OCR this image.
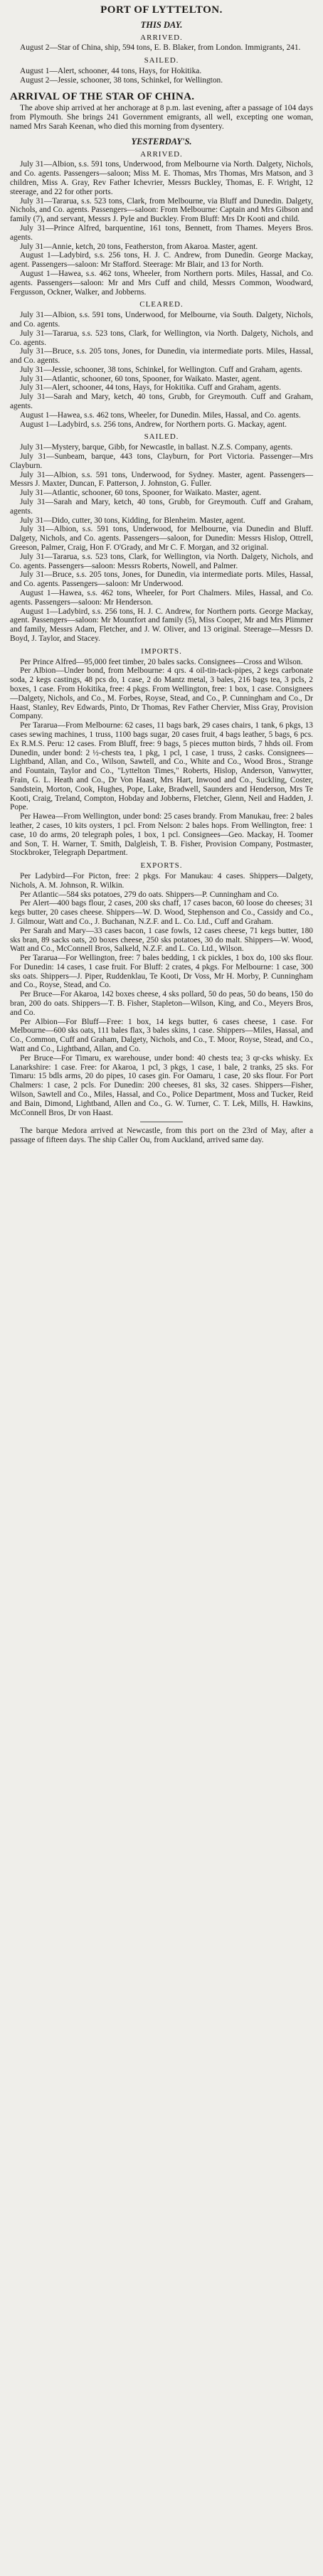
PORT OF LYTTELTON.
THIS DAY.
ARRIVED.

August 2—Star of China, ship, 594 tons, E. B. Blaker, from London. Immigrants, 241.

SAILED.

August 1—Alert, schooner, 44 tons, Hays, for Hokitika.

August 2—Jessie, schooner, 38 tons, Schinkel, for Wellington.

ARRIVAL OF THE STAR OF CHINA.

The above ship arrived at her anchorage at 8 p.m. last evening, after a passage of 104 days from Plymouth. She brings 241 Government emigrants, all well, excepting one woman, named Mrs Sarah Keenan, who died this morning from dysentery.

YESTERDAY'S.
ARRIVED.

July 31—Albion, s.s. 591 tons, Underwood, from Melbourne via North. Dalgety, Nichols, and Co. agents. Passengers—saloon; Miss M. E. Thomas, Mrs Thomas, Mrs Matson, and 3 children, Miss A. Gray, Rev Father Ichevrier, Messrs Buckley, Thomas, E. F. Wright, 12 steerage, and 22 for other ports.

July 31—Tararua, s.s. 523 tons, Clark, from Melbourne, via Bluff and Dunedin. Dalgety, Nichols, and Co. agents. Passengers—saloon: From Melbourne: Captain and Mrs Gibson and family (7), and servant, Messrs J. Pyle and Buckley. From Bluff: Mrs Dr Kooti and child.

July 31—Prince Alfred, barquentine, 161 tons, Bennett, from Thames. Meyers Bros. agents.

July 31—Annie, ketch, 20 tons, Featherston, from Akaroa. Master, agent.

August 1—Ladybird, s.s. 256 tons, H. J. C. Andrew, from Dunedin. George Mackay, agent. Passengers—saloon: Mr Stafford. Steerage: Mr Blair, and 13 for North.

August 1—Hawea, s.s. 462 tons, Wheeler, from Northern ports. Miles, Hassal, and Co. agents. Passengers—saloon: Mr and Mrs Cuff and child, Messrs Common, Woodward, Fergusson, Ockner, Walker, and Jobberns.

CLEARED.

July 31—Albion, s.s. 591 tons, Underwood, for Melbourne, via South. Dalgety, Nichols, and Co. agents.

July 31—Tararua, s.s. 523 tons, Clark, for Wellington, via North. Dalgety, Nichols, and Co. agents.

July 31—Bruce, s.s. 205 tons, Jones, for Dunedin, via intermediate ports. Miles, Hassal, and Co. agents.

July 31—Jessie, schooner, 38 tons, Schinkel, for Wellington. Cuff and Graham, agents.

July 31—Atlantic, schooner, 60 tons, Spooner, for Waikato. Master, agent.

July 31—Alert, schooner, 44 tons, Hays, for Hokitika. Cuff and Graham, agents.

July 31—Sarah and Mary, ketch, 40 tons, Grubb, for Greymouth. Cuff and Graham, agents.

August 1—Hawea, s.s. 462 tons, Wheeler, for Dunedin. Miles, Hassal, and Co. agents.

August 1—Ladybird, s.s. 256 tons, Andrew, for Northern ports. G. Mackay, agent.

SAILED.

July 31—Mystery, barque, Gibb, for Newcastle, in ballast. N.Z.S. Company, agents.

July 31—Sunbeam, barque, 443 tons, Clayburn, for Port Victoria. Passenger—Mrs Clayburn.

July 31—Albion, s.s. 591 tons, Underwood, for Sydney. Master, agent. Passengers—Messrs J. Maxter, Duncan, F. Patterson, J. Johnston, G. Fuller.

July 31—Atlantic, schooner, 60 tons, Spooner, for Waikato. Master, agent.

July 31—Sarah and Mary, ketch, 40 tons, Grubb, for Greymouth. Cuff and Graham, agents.

July 31—Dido, cutter, 30 tons, Kidding, for Blenheim. Master, agent.

July 31—Albion, s.s. 591 tons, Underwood, for Melbourne, via Dunedin and Bluff. Dalgety, Nichols, and Co. agents. Passengers—saloon, for Dunedin: Messrs Hislop, Ottrell, Greeson, Palmer, Craig, Hon F. O'Grady, and Mr C. F. Morgan, and 32 original.

July 31—Tararua, s.s. 523 tons, Clark, for Wellington, via North. Dalgety, Nichols, and Co. agents. Passengers—saloon: Messrs Roberts, Nowell, and Palmer.

July 31—Bruce, s.s. 205 tons, Jones, for Dunedin, via intermediate ports. Miles, Hassal, and Co. agents. Passengers—saloon: Mr Underwood.

August 1—Hawea, s.s. 462 tons, Wheeler, for Port Chalmers. Miles, Hassal, and Co. agents. Passengers—saloon: Mr Henderson.

August 1—Ladybird, s.s. 256 tons, H. J. C. Andrew, for Northern ports. George Mackay, agent. Passengers—saloon: Mr Mountfort and family (5), Miss Cooper, Mr and Mrs Plimmer and family, Messrs Adam, Fletcher, and J. W. Oliver, and 13 original. Steerage—Messrs D. Boyd, J. Taylor, and Stacey.

IMPORTS.

Per Prince Alfred—95,000 feet timber, 20 bales sacks. Consignees—Cross and Wilson.

Per Albion—Under bond, from Melbourne: 4 qrs. 4 oil-tin-tack-pipes, 2 kegs carbonate soda, 2 kegs castings, 48 pcs do, 1 case, 2 do Mantz metal, 3 bales, 216 bags tea, 3 pcls, 2 boxes, 1 case. From Hokitika, free: 4 pkgs. From Wellington, free: 1 box, 1 case. Consignees—Dalgety, Nichols, and Co., M. Forbes, Royse, Stead, and Co., P. Cunningham and Co., Dr Haast, Stanley, Rev Edwards, Pinto, Dr Thomas, Rev Father Chervier, Miss Gray, Provision Company.

Per Tararua—From Melbourne: 62 cases, 11 bags bark, 29 cases chairs, 1 tank, 6 pkgs, 13 cases sewing machines, 1 truss, 1100 bags sugar, 20 cases fruit, 4 bags leather, 5 bags, 6 pcs. Ex R.M.S. Peru: 12 cases. From Bluff, free: 9 bags, 5 pieces mutton birds, 7 hhds oil. From Dunedin, under bond: 2 ½-chests tea, 1 pkg, 1 pcl, 1 case, 1 truss, 2 casks. Consignees—Lightband, Allan, and Co., Wilson, Sawtell, and Co., White and Co., Wood Bros., Strange and Fountain, Taylor and Co., "Lyttelton Times," Roberts, Hislop, Anderson, Vanwytter, Frain, G. L. Heath and Co., Dr Von Haast, Mrs Hart, Inwood and Co., Suckling, Coster, Sandstein, Morton, Cook, Hughes, Pope, Lake, Bradwell, Saunders and Henderson, Mrs Te Kooti, Craig, Treland, Compton, Hobday and Jobberns, Fletcher, Glenn, Neil and Hadden, J. Pope.

Per Hawea—From Wellington, under bond: 25 cases brandy. From Manukau, free: 2 bales leather, 2 cases, 10 kits oysters, 1 pcl. From Nelson: 2 bales hops. From Wellington, free: 1 case, 10 do arms, 20 telegraph poles, 1 box, 1 pcl. Consignees—Geo. Mackay, H. Toomer and Son, T. H. Warner, T. Smith, Dalgleish, T. B. Fisher, Provision Company, Postmaster, Stockbroker, Telegraph Department.

EXPORTS.

Per Ladybird—For Picton, free: 2 pkgs. For Manukau: 4 cases. Shippers—Dalgety, Nichols, A. M. Johnson, R. Wilkin.

Per Atlantic—584 sks potatoes, 279 do oats. Shippers—P. Cunningham and Co.

Per Alert—400 bags flour, 2 cases, 200 sks chaff, 17 cases bacon, 60 loose do cheeses; 31 kegs butter, 20 cases cheese. Shippers—W. D. Wood, Stephenson and Co., Cassidy and Co., J. Gilmour, Watt and Co., J. Buchanan, N.Z.F. and L. Co. Ltd., Cuff and Graham.

Per Sarah and Mary—33 cases bacon, 1 case fowls, 12 cases cheese, 71 kegs butter, 180 sks bran, 89 sacks oats, 20 boxes cheese, 250 sks potatoes, 30 do malt. Shippers—W. Wood, Watt and Co., McConnell Bros, Salkeld, N.Z.F. and L. Co. Ltd., Wilson.

Per Tararua—For Wellington, free: 7 bales bedding, 1 ck pickles, 1 box do, 100 sks flour. For Dunedin: 14 cases, 1 case fruit. For Bluff: 2 crates, 4 pkgs. For Melbourne: 1 case, 300 sks oats. Shippers—J. Piper, Ruddenklau, Te Kooti, Dr Voss, Mr H. Morby, P. Cunningham and Co., Royse, Stead, and Co.

Per Bruce—For Akaroa, 142 boxes cheese, 4 sks pollard, 50 do peas, 50 do beans, 150 do bran, 200 do oats. Shippers—T. B. Fisher, Stapleton—Wilson, King, and Co., Meyers Bros, and Co.

Per Albion—For Bluff—Free: 1 box, 14 kegs butter, 6 cases cheese, 1 case. For Melbourne—600 sks oats, 111 bales flax, 3 bales skins, 1 case. Shippers—Miles, Hassal, and Co., Common, Cuff and Graham, Dalgety, Nichols, and Co., T. Moor, Royse, Stead, and Co., Watt and Co., Lightband, Allan, and Co.

Per Bruce—For Timaru, ex warehouse, under bond: 40 chests tea; 3 qr-cks whisky. Ex Lanarkshire: 1 case. Free: for Akaroa, 1 pcl, 3 pkgs, 1 case, 1 bale, 2 tranks, 25 sks. For Timaru: 15 bdls arms, 20 do pipes, 10 cases gin. For Oamaru, 1 case, 20 sks flour. For Port Chalmers: 1 case, 2 pcls. For Dunedin: 200 cheeses, 81 sks, 32 cases. Shippers—Fisher, Wilson, Sawtell and Co., Miles, Hassal, and Co., Police Department, Moss and Tucker, Reid and Bain, Dimond, Lightband, Allen and Co., G. W. Turner, C. T. Lek, Mills, H. Hawkins, McConnell Bros, Dr von Haast.

The barque Medora arrived at Newcastle, from this port on the 23rd of May, after a passage of fifteen days. The ship Caller Ou, from Auckland, arrived same day.
